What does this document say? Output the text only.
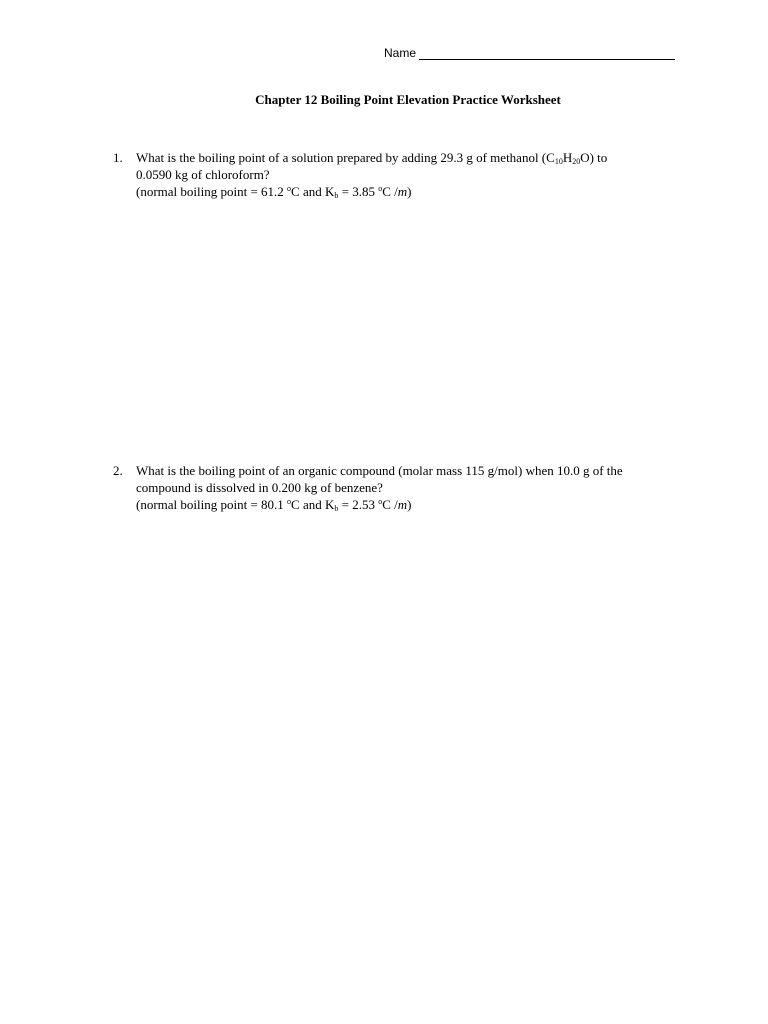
Name
Chapter 12 Boiling Point Elevation Practice Worksheet
1. What is the boiling point of a solution prepared by adding 29.3 g of methanol $(C_{10}H_{20}O)$ to
0.0590 kg of chloroform?
(normal boiling point = 61.2 $^o$C and $K_b = 3.85$ $^o$C /m)
2. What is the boiling point of an organic compound (molar mass 115 g/mol) when 10.0 g of the
compound is dissolved in 0.200 kg of benzene?
(normal boiling point = 80.1 $^o$C and $K_b = 2.53$ $^o$C /m)
